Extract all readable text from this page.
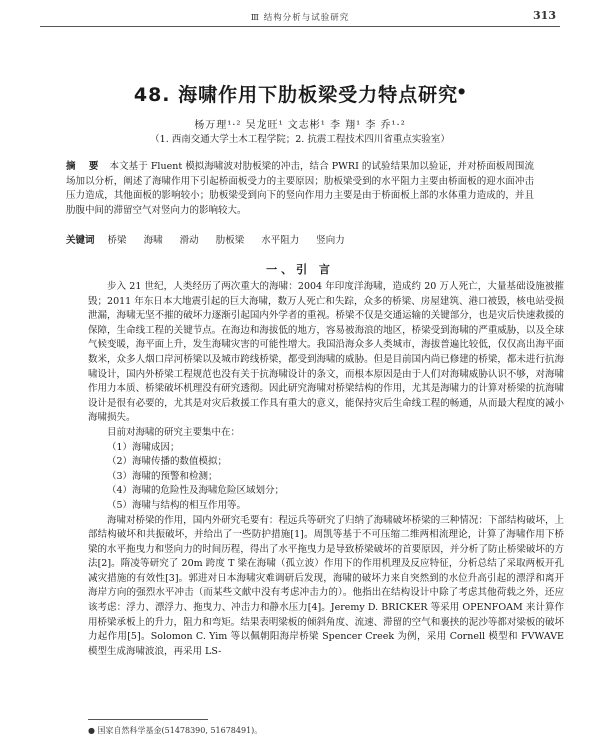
Ⅲ 结构分析与试验研究	313
48. 海啸作用下肋板梁受力特点研究●
杨万理¹·² 吴龙旺¹ 文志彬¹ 李 翔¹ 李 乔¹·²
（1. 西南交通大学土木工程学院；2. 抗震工程技术四川省重点实验室）
摘 要 本文基于 Fluent 模拟海啸波对肋板梁的冲击，结合 PWRI 的试验结果加以验证，并对桥面板周围流场加以分析，阐述了海啸作用下引起桥面板受力的主要原因；肋板梁受到的水平阻力主要由桥面板的迎水面冲击压力造成，其他面板的影响较小；肋板梁受到向下的竖向作用力主要是由于桥面板上部的水体重力造成的，并且肋腹中间的滞留空气对竖向力的影响较大。
关键词 桥梁 海啸 滑动 肋板梁 水平阻力 竖向力
一、引 言

步入 21 世纪，人类经历了两次重大的海啸：2004 年印度洋海啸，造成约 20 万人死亡，大量基础设施被摧毁；2011 年东日本大地震引起的巨大海啸，数万人死亡和失踪，众多的桥梁、房屋建筑、港口被毁，核电站受损泄漏，海啸无坚不摧的破坏力逐渐引起国内外学者的重视。桥梁不仅是交通运输的关键部分，也是灾后快速救援的保障，生命线工程的关键节点。在海边和海拔低的地方，容易被海浪的地区，桥梁受到海啸的严重威胁，以及全球气候变暖，海平面上升，发生海啸灾害的可能性增大。我国沿海众多人类城市，海拔普遍比较低，仅仅高出海平面数米，众多人烟口岸河桥梁以及城市跨线桥梁，都受到海啸的威胁。但是目前国内尚已修建的桥梁，都未进行抗海啸设计，国内外桥梁工程规范也没有关于抗海啸设计的条文，而根本原因是由于人们对海啸威胁认识不够，对海啸作用力本质、桥梁破坏机理没有研究透彻。因此研究海啸对桥梁结构的作用，尤其是海啸力的计算对桥梁的抗海啸设计是很有必要的，尤其是对灾后救援工作具有重大的意义，能保持灾后生命线工程的畅通，从而最大程度的减小海啸损失。

目前对海啸的研究主要集中在：

（1）海啸成因；
（2）海啸传播的数值模拟；
（3）海啸的预警和检测；
（4）海啸的危险性及海啸危险区域划分；
（5）海啸与结构的相互作用等。

海啸对桥梁的作用，国内外研究毛要有：程远兵等研究了归纳了海啸破坏桥梁的三种情况：下部结构破坏，上部结构破坏和共振破坏，并给出了一些防护措施[1]。周凯等基于不可压缩二维两相流理论，计算了海啸作用下桥梁的水平拖曳力和竖向力的时间历程，得出了水平拖曳力是导致桥梁破坏的首要原因，并分析了防止桥梁破坏的方法[2]。隋凌等研究了 20m 跨度 T 梁在海啸（孤立波）作用下的作用机理及反应特征，分析总结了采取两板开孔减灾措施的有效性[3]。郭进对日本海啸灾难调研后发现，海啸的破坏力来自突然到的水位升高引起的漂浮和离开海岸方向的强烈水平冲击（而某些文献中没有考虑冲击力的）。他指出在结构设计中除了考虑其他荷载之外，还应该考虑：浮力、漂浮力、拖曳力、冲击力和静水压力[4]。Jeremy D. BRICKER 等采用 OPENFOAM 来计算作用桥梁承板上的升力，阻力和弯矩。结果表明梁板的倾斜角度、流速、滞留的空气和裹挟的泥沙等都对梁板的破坏力起作用[5]。Solomon C. Yim 等以佩朝阳海岸桥梁 Spencer Creek 为例，采用 Cornell 模型和 FVWAVE 模型生成海啸波浪，再采用 LS-

● 国家自然科学基金(51478390, 51678491)。
